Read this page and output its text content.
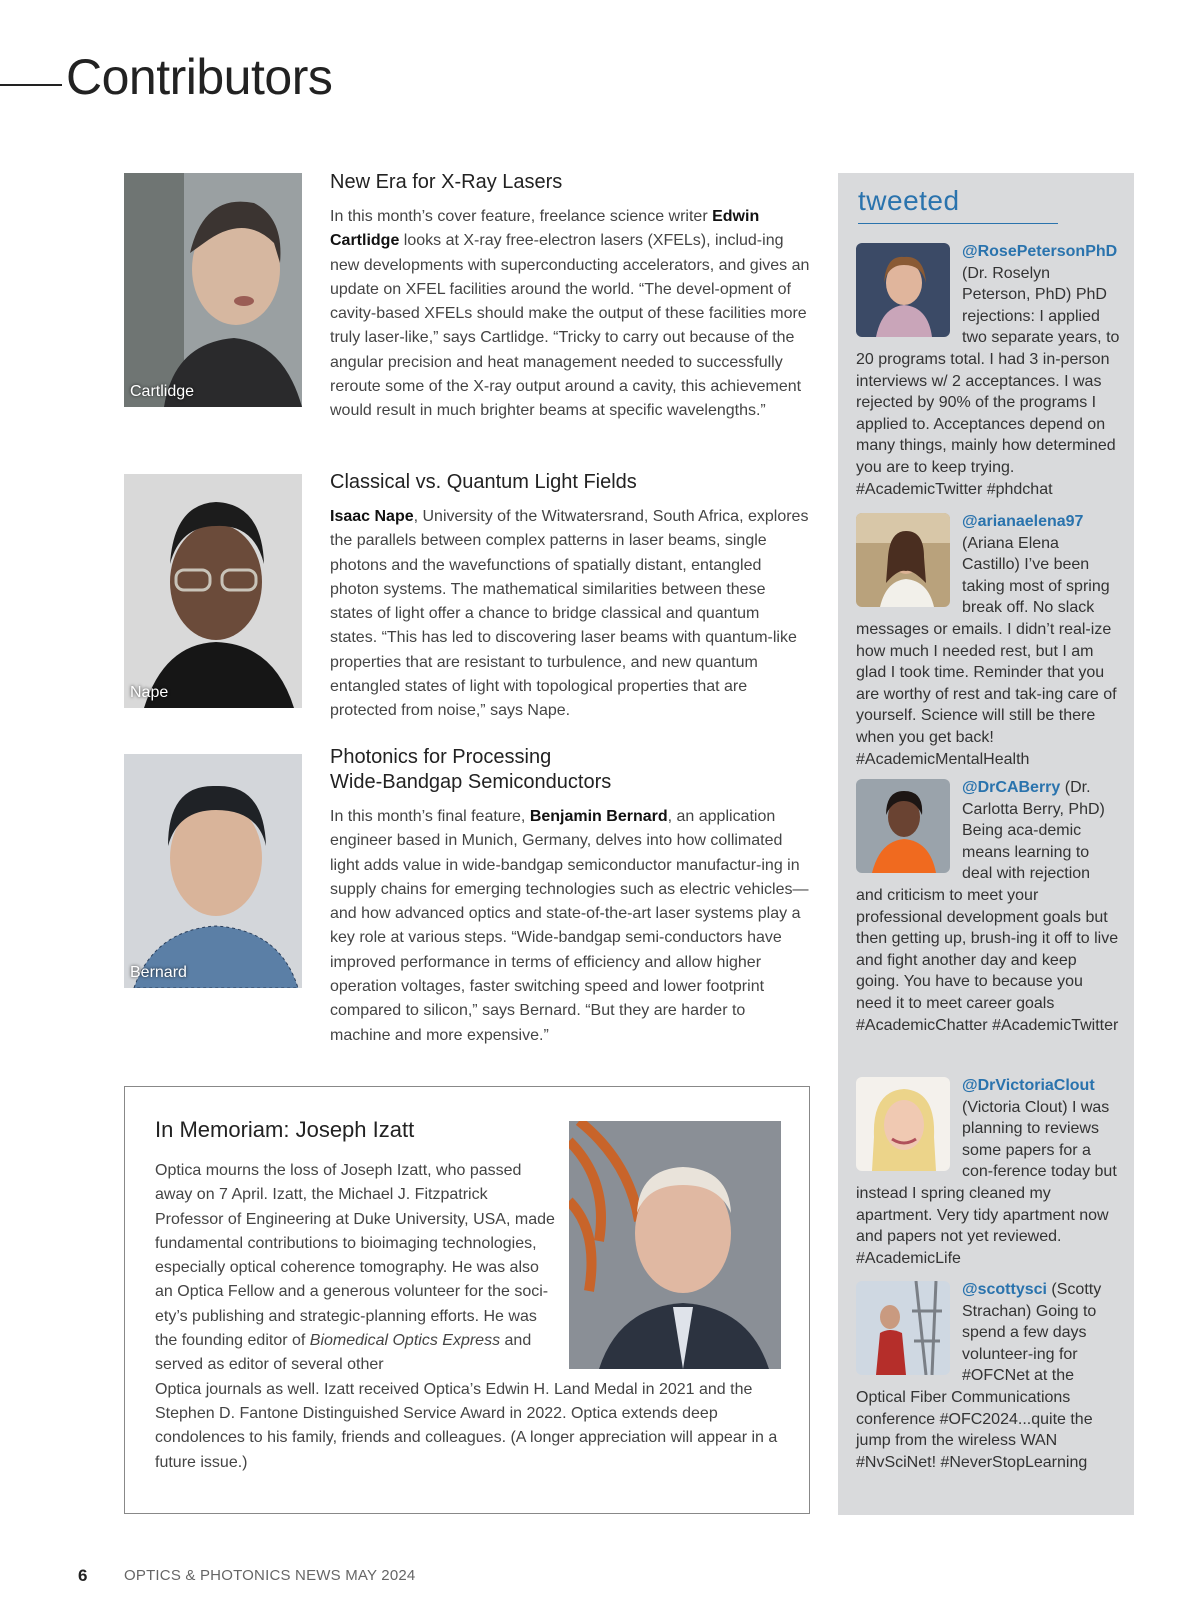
Contributors
Cartlidge
Nape
Bernard
New Era for X-Ray Lasers

In this month’s cover feature, freelance science writer Edwin Cartlidge looks at X-ray free-electron lasers (XFELs), includ-ing new developments with superconducting accelerators, and gives an update on XFEL facilities around the world. “The devel-opment of cavity-based XFELs should make the output of these facilities more truly laser-like,” says Cartlidge. “Tricky to carry out because of the angular precision and heat management needed to successfully reroute some of the X-ray output around a cavity, this achievement would result in much brighter beams at specific wavelengths.”

Classical vs. Quantum Light Fields

Isaac Nape, University of the Witwatersrand, South Africa, explores the parallels between complex patterns in laser beams, single photons and the wavefunctions of spatially distant, entangled photon systems. The mathematical similarities between these states of light offer a chance to bridge classical and quantum states. “This has led to discovering laser beams with quantum-like properties that are resistant to turbulence, and new quantum entangled states of light with topological properties that are protected from noise,” says Nape.

Photonics for Processing
Wide-Bandgap Semiconductors

In this month’s final feature, Benjamin Bernard, an application engineer based in Munich, Germany, delves into how collimated light adds value in wide-bandgap semiconductor manufactur-ing in supply chains for emerging technologies such as electric vehicles—and how advanced optics and state-of-the-art laser systems play a key role at various steps. “Wide-bandgap semi-conductors have improved performance in terms of efficiency and allow higher operation voltages, faster switching speed and lower footprint compared to silicon,” says Bernard. “But they are harder to machine and more expensive.”

In Memoriam: Joseph Izatt
Optica mourns the loss of Joseph Izatt, who passed away on 7 April. Izatt, the Michael J. Fitzpatrick Professor of Engineering at Duke University, USA, made fundamental contributions to bioimaging technologies, especially optical coherence tomography. He was also an Optica Fellow and a generous volunteer for the soci-ety’s publishing and strategic-planning efforts. He was the founding editor of Biomedical Optics Express and served as editor of several other
Optica journals as well. Izatt received Optica’s Edwin H. Land Medal in 2021 and the Stephen D. Fantone Distinguished Service Award in 2022. Optica extends deep condolences to his family, friends and colleagues. (A longer appreciation will appear in a future issue.)
tweeted
@RosePetersonPhD
(Dr. Roselyn Peterson, PhD) PhD rejections: I applied two separate years, to 20 programs total. I had 3 in-person interviews w/ 2 acceptances. I was rejected by 90% of the programs I applied to. Acceptances depend on many things, mainly how determined you are to keep trying. #AcademicTwitter #phdchat
@arianaelena97
(Ariana Elena Castillo) I’ve been taking most of spring break off. No slack messages or emails. I didn’t real-ize how much I needed rest, but I am glad I took time. Reminder that you are worthy of rest and tak-ing care of yourself. Science will still be there when you get back! #AcademicMentalHealth
@DrCABerry
(Dr. Carlotta Berry, PhD) Being aca-demic means learning to deal with rejection and criticism to meet your professional development goals but then getting up, brush-ing it off to live and fight another day and keep going. You have to because you need it to meet career goals #AcademicChatter #AcademicTwitter
@DrVictoriaClout
(Victoria Clout) I was planning to reviews some papers for a con-ference today but instead I spring cleaned my apartment. Very tidy apartment now and papers not yet reviewed. #AcademicLife
@scottysci
(Scotty Strachan) Going to spend a few days volunteer-ing for #OFCNet at the Optical Fiber Communications conference #OFC2024...quite the jump from the wireless WAN #NvSciNet! #NeverStopLearning
6 OPTICS & PHOTONICS NEWS MAY 2024
